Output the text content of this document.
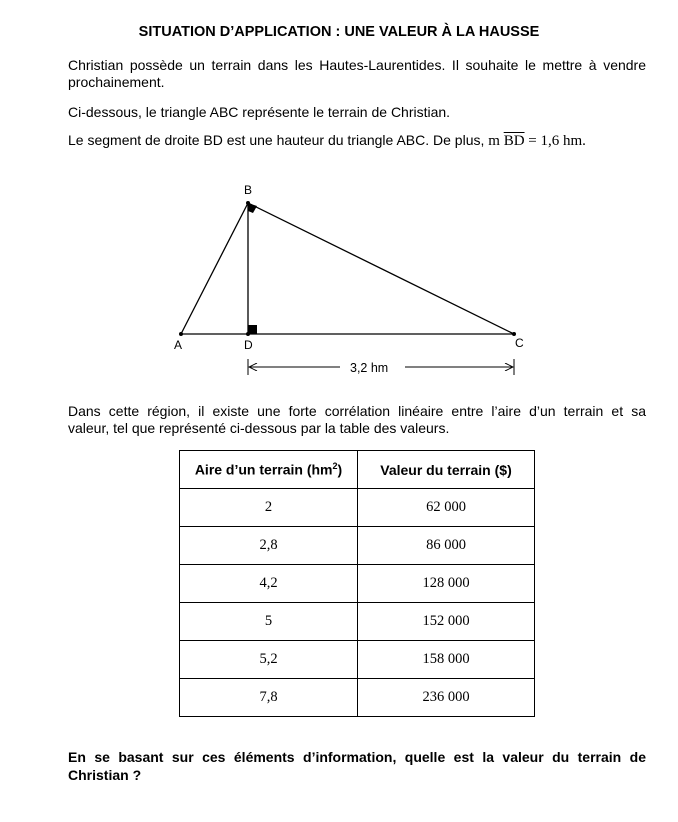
SITUATION D’APPLICATION : UNE VALEUR À LA HAUSSE
Christian possède un terrain dans les Hautes-Laurentides. Il souhaite le mettre à vendre
prochainement.

Ci-dessous, le triangle ABC représente le terrain de Christian.

Le segment de droite BD est une hauteur du triangle ABC. De plus, m $\overline{BD} = 1,6$ hm.

A
B
C
D
3,2 hm
Dans cette région, il existe une forte corrélation linéaire entre l’aire d’un terrain et sa
valeur, tel que représenté ci-dessous par la table des valeurs.
Aire d’un terrain $(hm^2)$	Valeur du terrain ($)
2	62 000
2,8	86 000
4,2	128 000
5	152 000
5,2	158 000
7,8	236 000
En se basant sur ces éléments d’information, quelle est la valeur du terrain de Christian ?
